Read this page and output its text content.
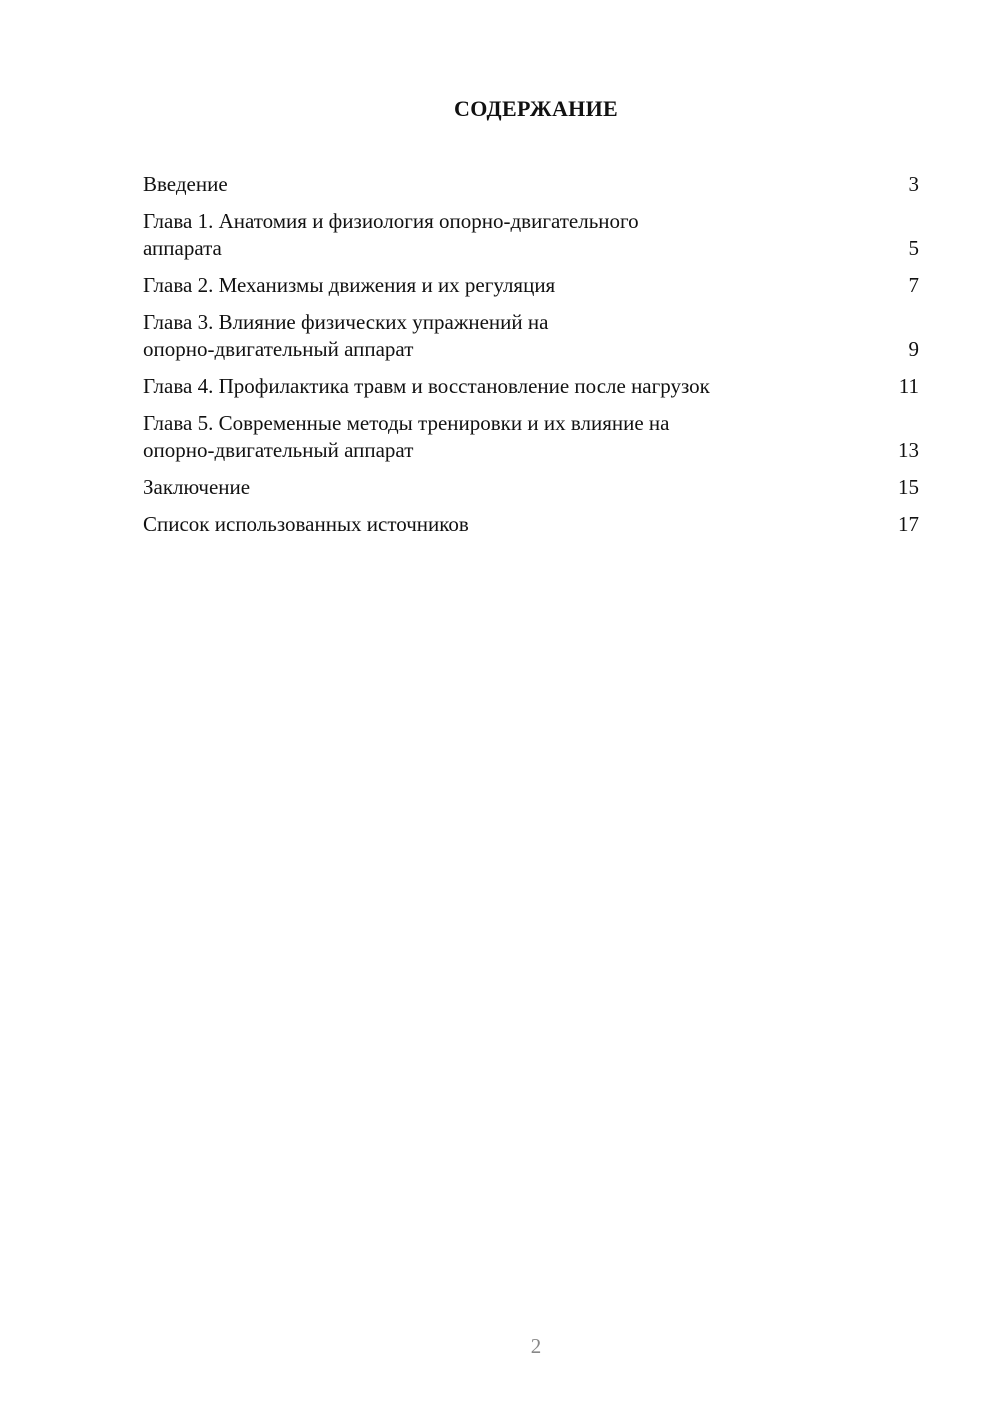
СОДЕРЖАНИЕ
Введение	3
Глава 1. Анатомия и физиология опорно-двигательного
аппарата	5
Глава 2. Механизмы движения и их регуляция	7
Глава 3. Влияние физических упражнений на
опорно-двигательный аппарат	9
Глава 4. Профилактика травм и восстановление после нагрузок	11
Глава 5. Современные методы тренировки и их влияние на
опорно-двигательный аппарат	13
Заключение	15
Список использованных источников	17
2
